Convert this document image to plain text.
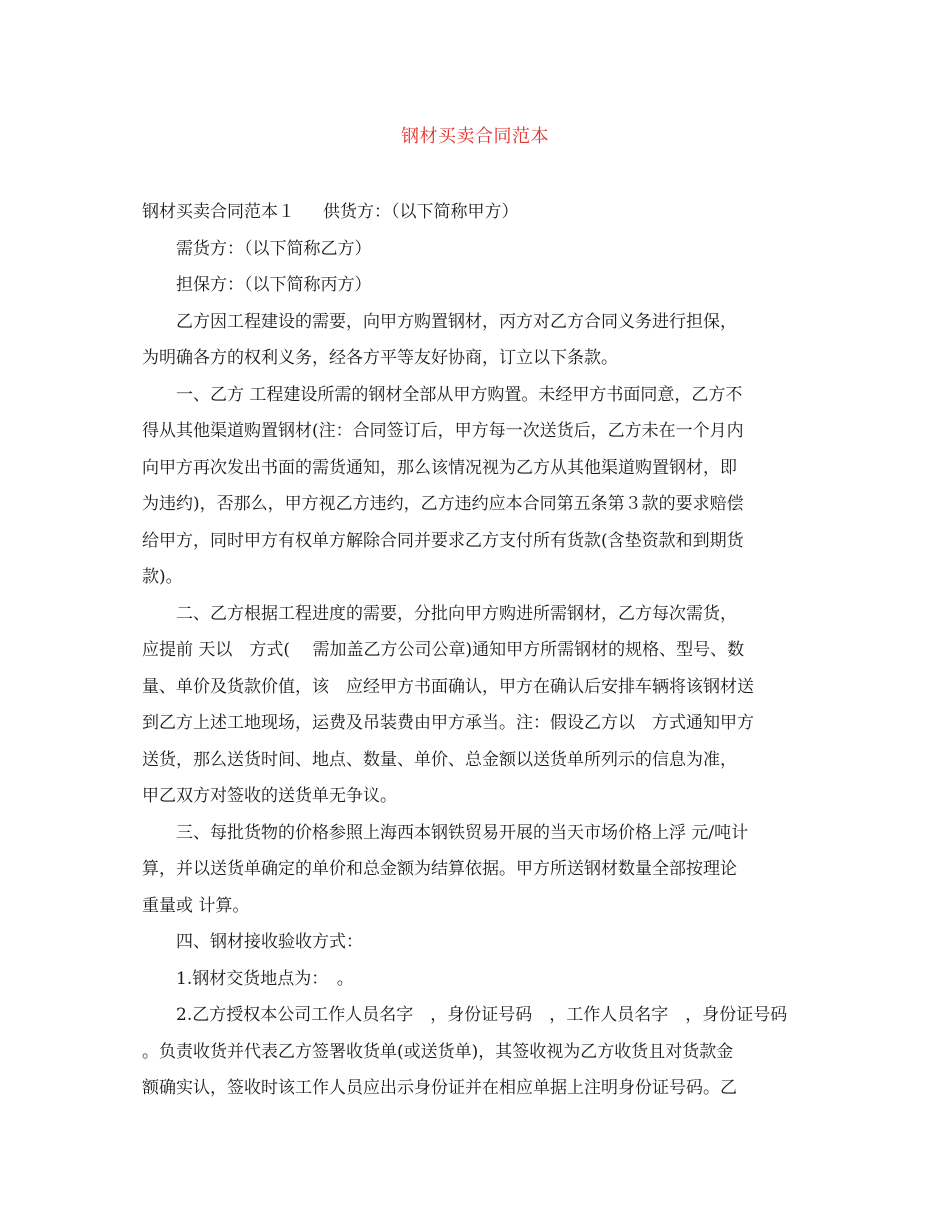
钢材买卖合同范本
钢材买卖合同范本１ 供货方：（以下简称甲方）
需货方：（以下简称乙方）
担保方：（以下简称丙方）
乙方因工程建设的需要，向甲方购置钢材，丙方对乙方合同义务进行担保，
为明确各方的权利义务，经各方平等友好协商，订立以下条款。
一、乙方 工程建设所需的钢材全部从甲方购置。未经甲方书面同意，乙方不
得从其他渠道购置钢材(注：合同签订后，甲方每一次送货后，乙方未在一个月内
向甲方再次发出书面的需货通知，那么该情况视为乙方从其他渠道购置钢材，即
为违约)，否那么，甲方视乙方违约，乙方违约应本合同第五条第３款的要求赔偿
给甲方，同时甲方有权单方解除合同并要求乙方支付所有货款(含垫资款和到期货
款)。
二、乙方根据工程进度的需要，分批向甲方购进所需钢材，乙方每次需货，
应提前 天以　方式(　 需加盖乙方公司公章)通知甲方所需钢材的规格、型号、数
量、单价及货款价值，该　应经甲方书面确认，甲方在确认后安排车辆将该钢材送
到乙方上述工地现场，运费及吊装费由甲方承当。注：假设乙方以　方式通知甲方
送货，那么送货时间、地点、数量、单价、总金额以送货单所列示的信息为准，
甲乙双方对签收的送货单无争议。
三、每批货物的价格参照上海西本钢铁贸易开展的当天市场价格上浮 元/吨计
算，并以送货单确定的单价和总金额为结算依据。甲方所送钢材数量全部按理论
重量或 计算。
四、钢材接收验收方式：
1.钢材交货地点为：　。
2.乙方授权本公司工作人员名字　，身份证号码　，工作人员名字　，身份证号码
。负责收货并代表乙方签署收货单(或送货单)，其签收视为乙方收货且对货款金
额确实认，签收时该工作人员应出示身份证并在相应单据上注明身份证号码。乙
